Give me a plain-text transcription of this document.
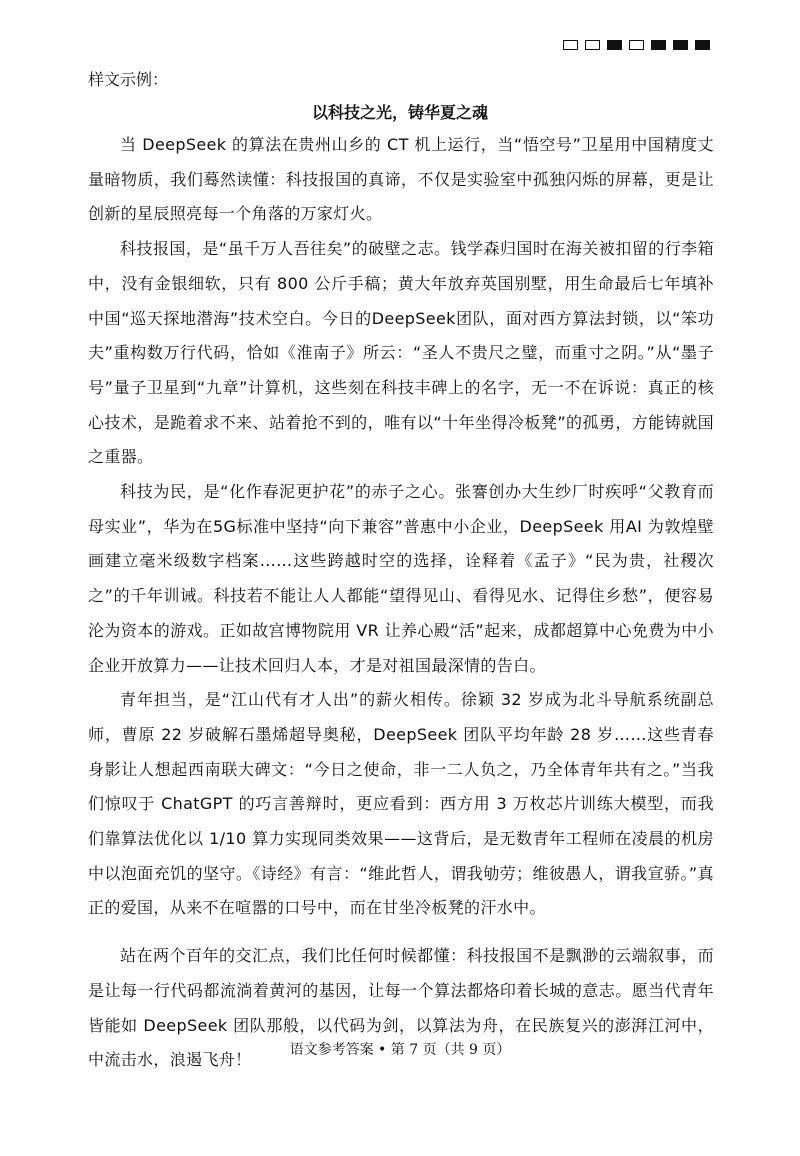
样文示例：
以科技之光，铸华夏之魂

当 DeepSeek 的算法在贵州山乡的 CT 机上运行，当“悟空号”卫星用中国精度丈量暗物质，我们蓦然读懂：科技报国的真谛，不仅是实验室中孤独闪烁的屏幕，更是让创新的星辰照亮每一个角落的万家灯火。

科技报国，是“虽千万人吾往矣”的破壁之志。钱学森归国时在海关被扣留的行李箱中，没有金银细软，只有 800 公斤手稿；黄大年放弃英国别墅，用生命最后七年填补中国“巡天探地潜海”技术空白。今日的DeepSeek团队，面对西方算法封锁，以“笨功夫”重构数万行代码，恰如《淮南子》所云：“圣人不贵尺之璧，而重寸之阴。”从“墨子号”量子卫星到“九章”计算机，这些刻在科技丰碑上的名字，无一不在诉说：真正的核心技术，是跪着求不来、站着抢不到的，唯有以“十年坐得冷板凳”的孤勇，方能铸就国之重器。

科技为民，是“化作春泥更护花”的赤子之心。张謇创办大生纱厂时疾呼“父教育而母实业”，华为在5G标准中坚持“向下兼容”普惠中小企业，DeepSeek 用AI 为敦煌壁画建立毫米级数字档案……这些跨越时空的选择，诠释着《孟子》“民为贵，社稷次之”的千年训诫。科技若不能让人人都能“望得见山、看得见水、记得住乡愁”，便容易沦为资本的游戏。正如故宫博物院用 VR 让养心殿“活”起来，成都超算中心免费为中小企业开放算力——让技术回归人本，才是对祖国最深情的告白。

青年担当，是“江山代有才人出”的薪火相传。徐颖 32 岁成为北斗导航系统副总师，曹原 22 岁破解石墨烯超导奥秘，DeepSeek 团队平均年龄 28 岁……这些青春身影让人想起西南联大碑文：“今日之使命，非一二人负之，乃全体青年共有之。”当我们惊叹于 ChatGPT 的巧言善辩时，更应看到：西方用 3 万枚芯片训练大模型，而我们靠算法优化以 1/10 算力实现同类效果——这背后，是无数青年工程师在凌晨的机房中以泡面充饥的坚守。《诗经》有言：“维此哲人，谓我劬劳；维彼愚人，谓我宣骄。”真正的爱国，从来不在喧嚣的口号中，而在甘坐冷板凳的汗水中。

站在两个百年的交汇点，我们比任何时候都懂：科技报国不是飘渺的云端叙事，而是让每一行代码都流淌着黄河的基因，让每一个算法都烙印着长城的意志。愿当代青年皆能如 DeepSeek 团队那般，以代码为剑，以算法为舟，在民族复兴的澎湃江河中，中流击水，浪遏飞舟！

语文参考答案 • 第 7 页（共 9 页）
